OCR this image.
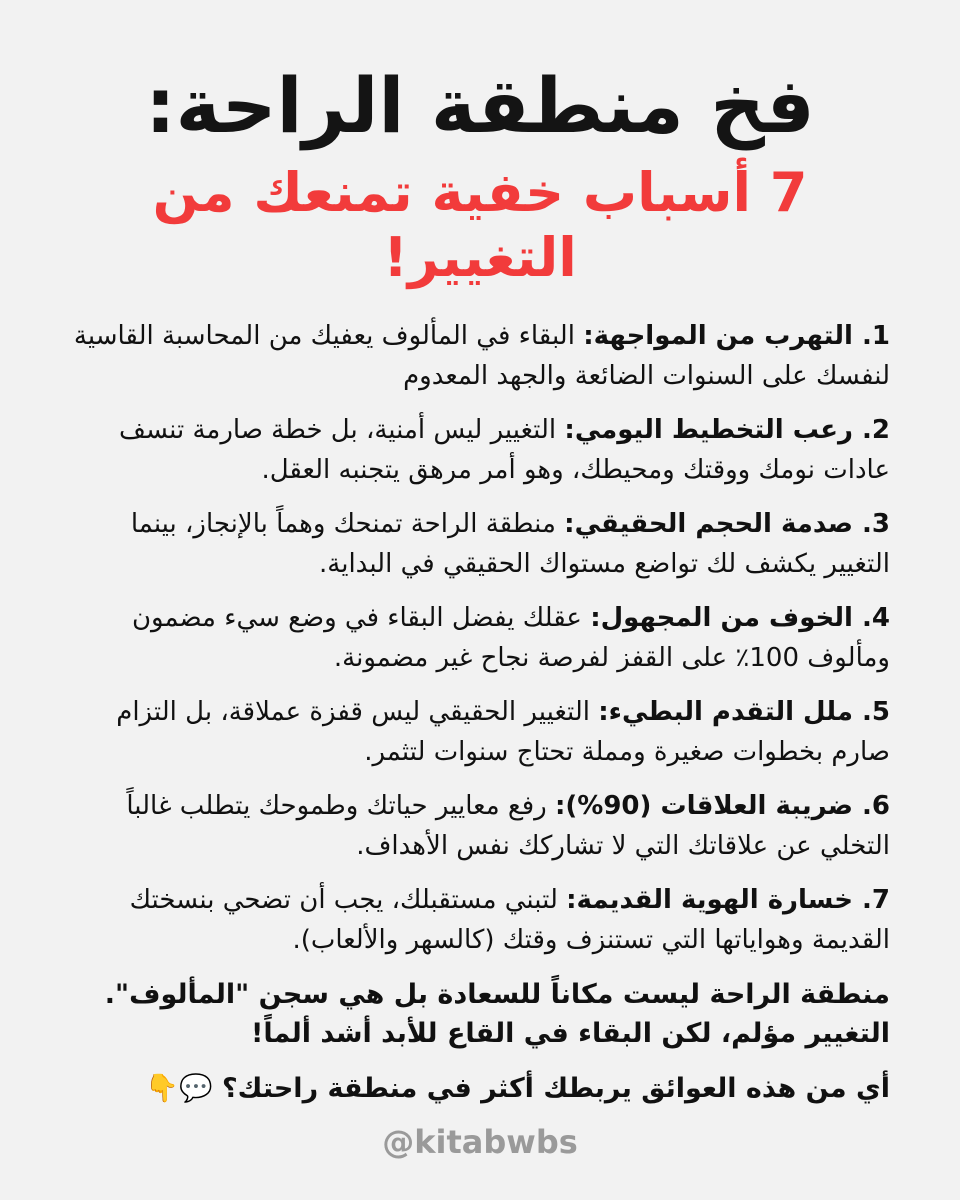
فخ منطقة الراحة:
7 أسباب خفية تمنعك من التغيير!
1. التهرب من المواجهة: البقاء في المألوف يعفيك من المحاسبة القاسية لنفسك على السنوات الضائعة والجهد المعدوم
2. رعب التخطيط اليومي: التغيير ليس أمنية، بل خطة صارمة تنسف عادات نومك ووقتك ومحيطك، وهو أمر مرهق يتجنبه العقل.
3. صدمة الحجم الحقيقي: منطقة الراحة تمنحك وهماً بالإنجاز، بينما التغيير يكشف لك تواضع مستواك الحقيقي في البداية.
4. الخوف من المجهول: عقلك يفضل البقاء في وضع سيء مضمون ومألوف 100٪ على القفز لفرصة نجاح غير مضمونة.
5. ملل التقدم البطيء: التغيير الحقيقي ليس قفزة عملاقة، بل التزام صارم بخطوات صغيرة ومملة تحتاج سنوات لتثمر.
6. ضريبة العلاقات (90%): رفع معايير حياتك وطموحك يتطلب غالباً التخلي عن علاقاتك التي لا تشاركك نفس الأهداف.
7. خسارة الهوية القديمة: لتبني مستقبلك، يجب أن تضحي بنسختك القديمة وهواياتها التي تستنزف وقتك (كالسهر والألعاب).

منطقة الراحة ليست مكاناً للسعادة بل هي سجن "المألوف". التغيير مؤلم، لكن البقاء في القاع للأبد أشد ألماً!

أي من هذه العوائق يربطك أكثر في منطقة راحتك؟ 💬👇

@kitabwbs
